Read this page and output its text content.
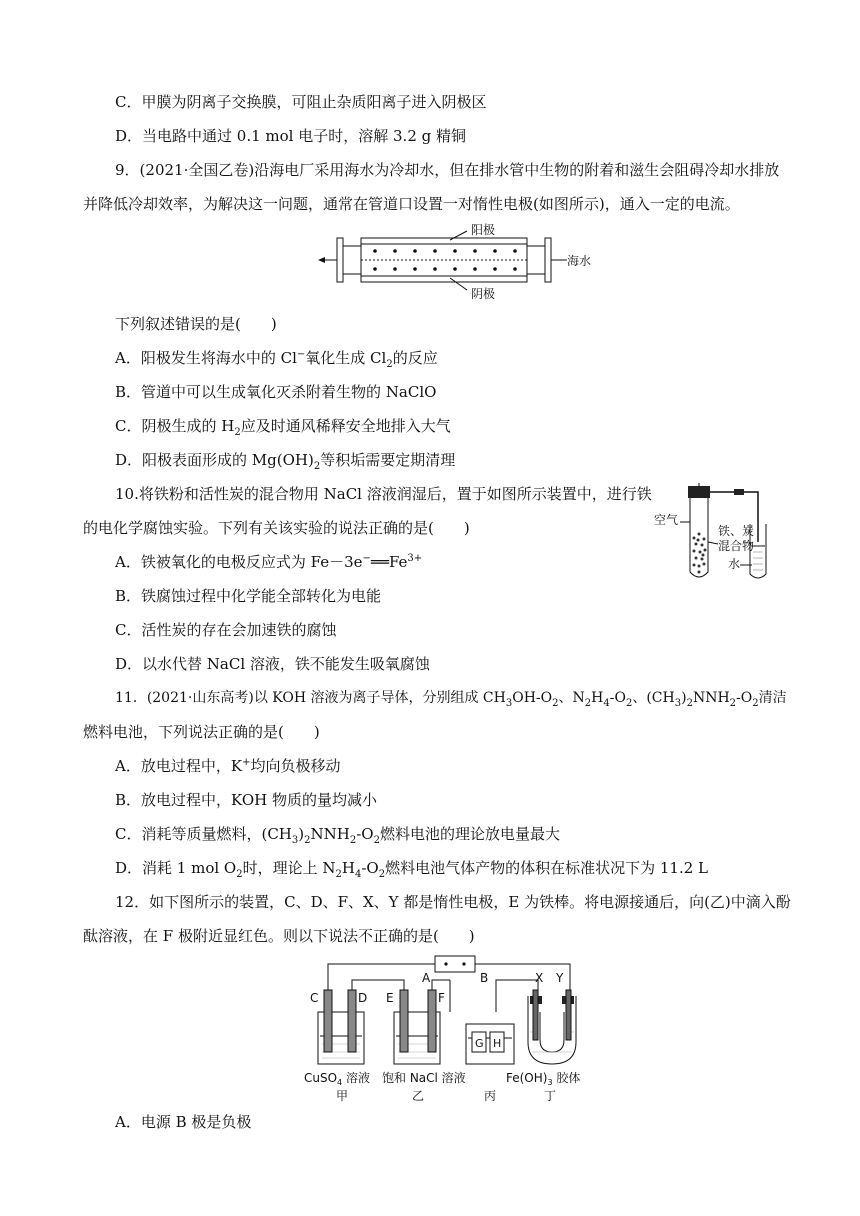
C．甲膜为阴离子交换膜，可阻止杂质阳离子进入阴极区
D．当电路中通过 0.1 mol 电子时，溶解 3.2 g 精铜
9．(2021·全国乙卷)沿海电厂采用海水为冷却水，但在排水管中生物的附着和滋生会阻碍冷却水排放
并降低冷却效率，为解决这一问题，通常在管道口设置一对惰性电极(如图所示)，通入一定的电流。
海水
阳极
阴极
下列叙述错误的是(　　)
A．阳极发生将海水中的 Cl−氧化生成 $Cl_2$的反应
B．管道中可以生成氧化灭杀附着生物的 NaClO
C．阴极生成的 $H_2$应及时通风稀释安全地排入大气
D．阳极表面形成的 $Mg(OH)_2$等积垢需要定期清理
10.将铁粉和活性炭的混合物用 NaCl 溶液润湿后，置于如图所示装置中，进行铁
的电化学腐蚀实验。下列有关该实验的说法正确的是(　　)	空气
铁、炭
混合物
水
A．铁被氧化的电极反应式为 $Fe-3e^-══Fe^{3+}$
B．铁腐蚀过程中化学能全部转化为电能
C．活性炭的存在会加速铁的腐蚀
D．以水代替 NaCl 溶液，铁不能发生吸氧腐蚀
11．(2021·山东高考)以 KOH 溶液为离子导体，分别组成 $CH_3OH-O_2$、$N_2H_4-O_2$、$(CH_3)_2NNH_2-O_2$清洁
燃料电池，下列说法正确的是(　　)
A．放电过程中，K+均向负极移动
B．放电过程中，KOH 物质的量均减小
C．消耗等质量燃料，$(CH_3)_2NNH_2-O_2$燃料电池的理论放电量最大
D．消耗 1 mol $O_2$时，理论上 $N_2H_4-O_2$燃料电池气体产物的体积在标准状况下为 11.2 L
12．如下图所示的装置，C、D、F、X、Y 都是惰性电极，E 为铁棒。将电源接通后，向(乙)中滴入酚
酞溶液，在 F 极附近显红色。则以下说法不正确的是(　　)
A	B
C	D E	F
G H
X Y
CuSO$_4$ 溶液 饱和 NaCl 溶液	$Fe(OH)_3$ 胶体
甲	乙	丙	丁
A．电源 B 极是负极
